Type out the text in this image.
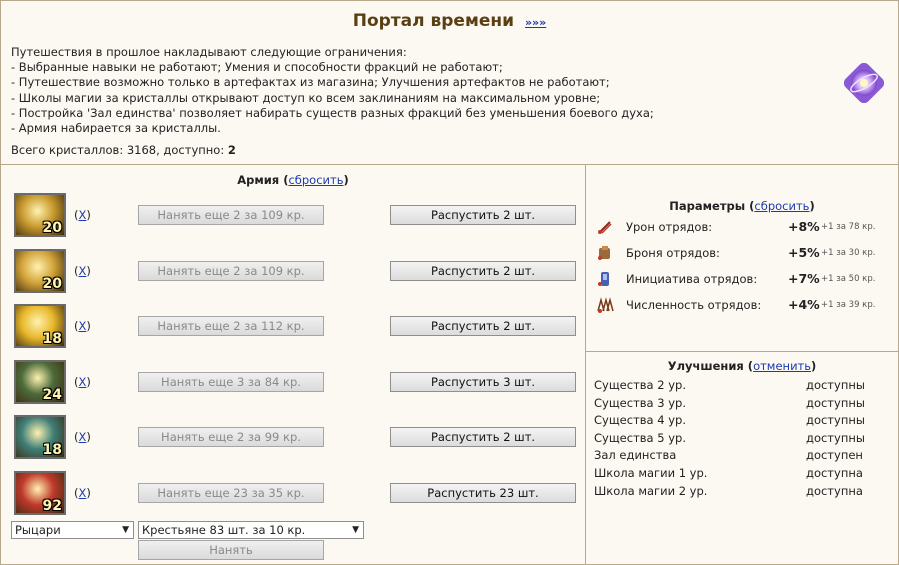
Портал времени »»»
Путешествия в прошлое накладывают следующие ограничения:
- Выбранные навыки не работают; Умения и способности фракций не работают;
- Путешествие возможно только в артефактах из магазина; Улучшения артефактов не работают;
- Школы магии за кристаллы открывают доступ ко всем заклинаниям на максимальном уровне;
- Постройка 'Зал единства' позволяет набирать существ разных фракций без уменьшения боевого духа;
- Армия набирается за кристаллы.
Всего кристаллов: 3168, доступно: 2
Армия (сбросить)
20
(X)	Нанять еще 2 за 109 кр.	Распустить 2 шт.
20
(X)	Нанять еще 2 за 109 кр.	Распустить 2 шт.
18
(X)	Нанять еще 2 за 112 кр.	Распустить 2 шт.
24
(X)	Нанять еще 3 за 84 кр.	Распустить 3 шт.
18
(X)	Нанять еще 2 за 99 кр.	Распустить 2 шт.
92
(X)	Нанять еще 23 за 35 кр.	Распустить 23 шт.
Рыцари	▼	Крестьяне 83 шт. за 10 кр.	▼
Нанять
Параметры (сбросить)
Урон отрядов:	+8% +1 за 78 кр.
Броня отрядов:	+5% +1 за 30 кр.
Инициатива отрядов: +7% +1 за 50 кр.
Численность отрядов: +4% +1 за 39 кр.
Улучшения (отменить)
Существа 2 ур.	доступны
Существа 3 ур.	доступны
Существа 4 ур.	доступны
Существа 5 ур.	доступны
Зал единства	доступен
Школа магии 1 ур.	доступна
Школа магии 2 ур.	доступна
